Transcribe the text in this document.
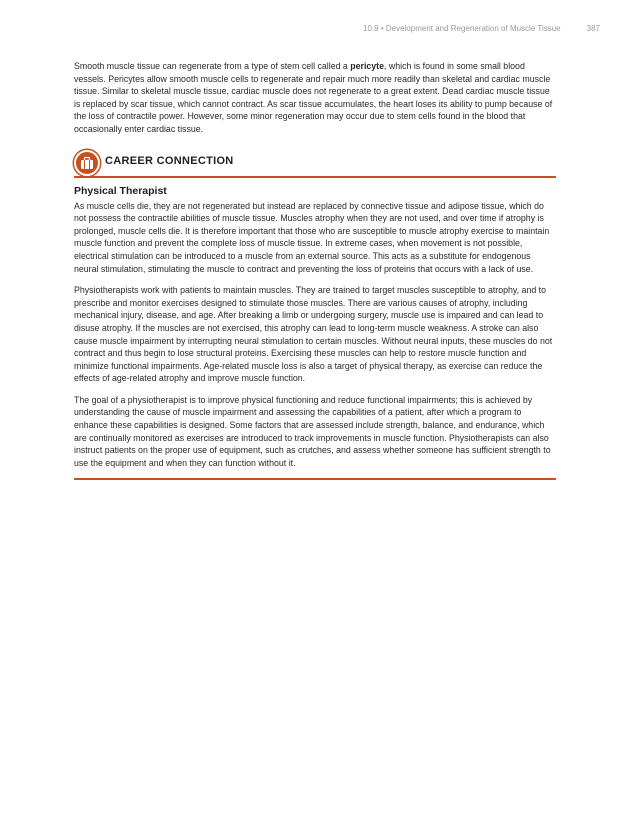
10.9 • Development and Regeneration of Muscle Tissue	387

Smooth muscle tissue can regenerate from a type of stem cell called a pericyte, which is found in some small blood vessels. Pericytes allow smooth muscle cells to regenerate and repair much more readily than skeletal and cardiac muscle tissue. Similar to skeletal muscle tissue, cardiac muscle does not regenerate to a great extent. Dead cardiac muscle tissue is replaced by scar tissue, which cannot contract. As scar tissue accumulates, the heart loses its ability to pump because of the loss of contractile power. However, some minor regeneration may occur due to stem cells found in the blood that occasionally enter cardiac tissue.

CAREER CONNECTION
Physical Therapist

As muscle cells die, they are not regenerated but instead are replaced by connective tissue and adipose tissue, which do not possess the contractile abilities of muscle tissue. Muscles atrophy when they are not used, and over time if atrophy is prolonged, muscle cells die. It is therefore important that those who are susceptible to muscle atrophy exercise to maintain muscle function and prevent the complete loss of muscle tissue. In extreme cases, when movement is not possible, electrical stimulation can be introduced to a muscle from an external source. This acts as a substitute for endogenous neural stimulation, stimulating the muscle to contract and preventing the loss of proteins that occurs with a lack of use.

Physiotherapists work with patients to maintain muscles. They are trained to target muscles susceptible to atrophy, and to prescribe and monitor exercises designed to stimulate those muscles. There are various causes of atrophy, including mechanical injury, disease, and age. After breaking a limb or undergoing surgery, muscle use is impaired and can lead to disuse atrophy. If the muscles are not exercised, this atrophy can lead to long-term muscle weakness. A stroke can also cause muscle impairment by interrupting neural stimulation to certain muscles. Without neural inputs, these muscles do not contract and thus begin to lose structural proteins. Exercising these muscles can help to restore muscle function and minimize functional impairments. Age-related muscle loss is also a target of physical therapy, as exercise can reduce the effects of age-related atrophy and improve muscle function.

The goal of a physiotherapist is to improve physical functioning and reduce functional impairments; this is achieved by understanding the cause of muscle impairment and assessing the capabilities of a patient, after which a program to enhance these capabilities is designed. Some factors that are assessed include strength, balance, and endurance, which are continually monitored as exercises are introduced to track improvements in muscle function. Physiotherapists can also instruct patients on the proper use of equipment, such as crutches, and assess whether someone has sufficient strength to use the equipment and when they can function without it.
